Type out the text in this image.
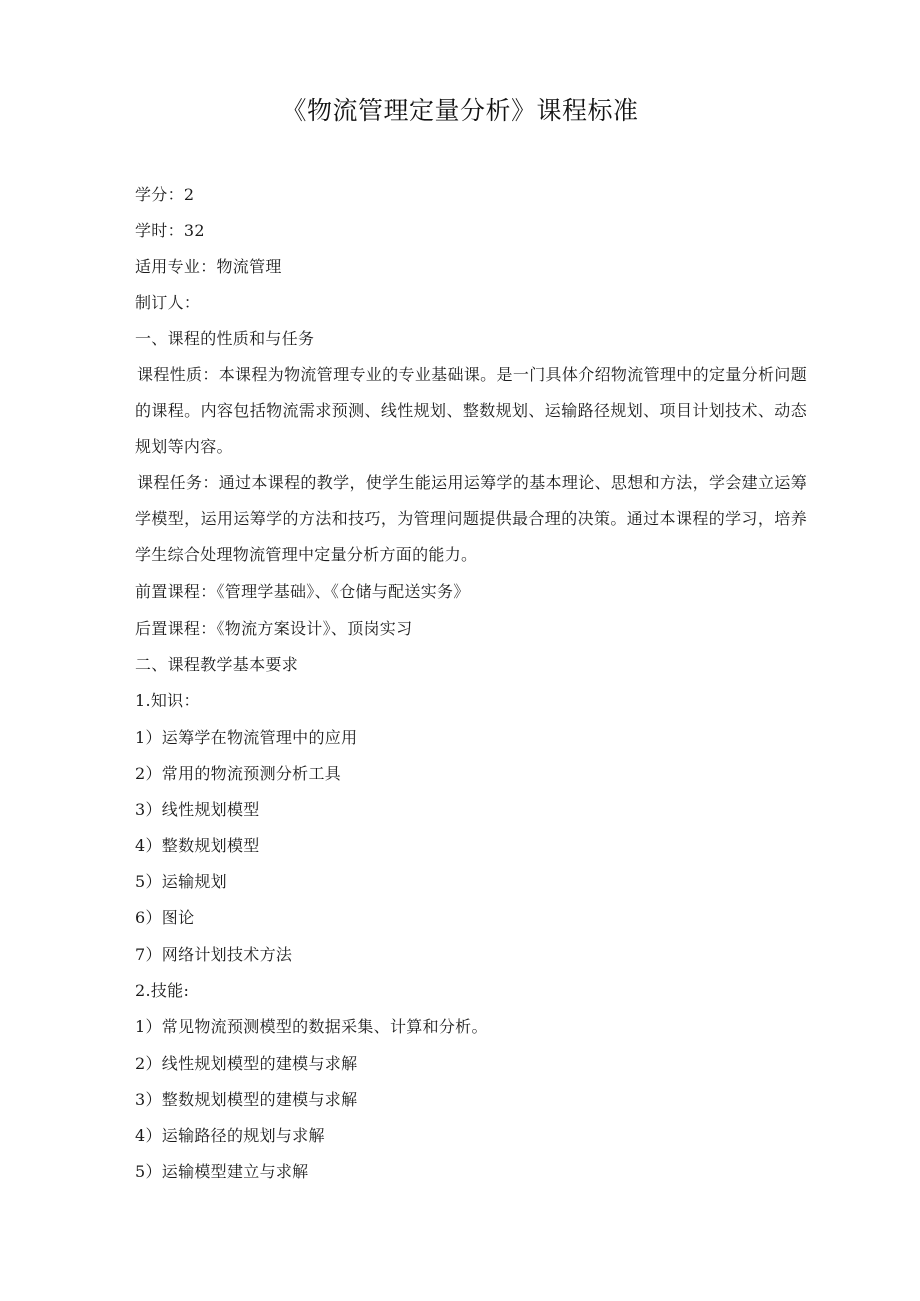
《物流管理定量分析》课程标准
学分：2
学时：32
适用专业：物流管理
制订人：
一、课程的性质和与任务
课程性质：本课程为物流管理专业的专业基础课。是一门具体介绍物流管理中的定量分析问题的课程。内容包括物流需求预测、线性规划、整数规划、运输路径规划、项目计划技术、动态规划等内容。
课程任务：通过本课程的教学，使学生能运用运筹学的基本理论、思想和方法，学会建立运筹学模型，运用运筹学的方法和技巧，为管理问题提供最合理的决策。通过本课程的学习，培养学生综合处理物流管理中定量分析方面的能力。
前置课程：《管理学基础》、《仓储与配送实务》
后置课程：《物流方案设计》、顶岗实习
二、课程教学基本要求
1.知识：
1）运筹学在物流管理中的应用
2）常用的物流预测分析工具
3）线性规划模型
4）整数规划模型
5）运输规划
6）图论
7）网络计划技术方法
2.技能:
1）常见物流预测模型的数据采集、计算和分析。
2）线性规划模型的建模与求解
3）整数规划模型的建模与求解
4）运输路径的规划与求解
5）运输模型建立与求解
